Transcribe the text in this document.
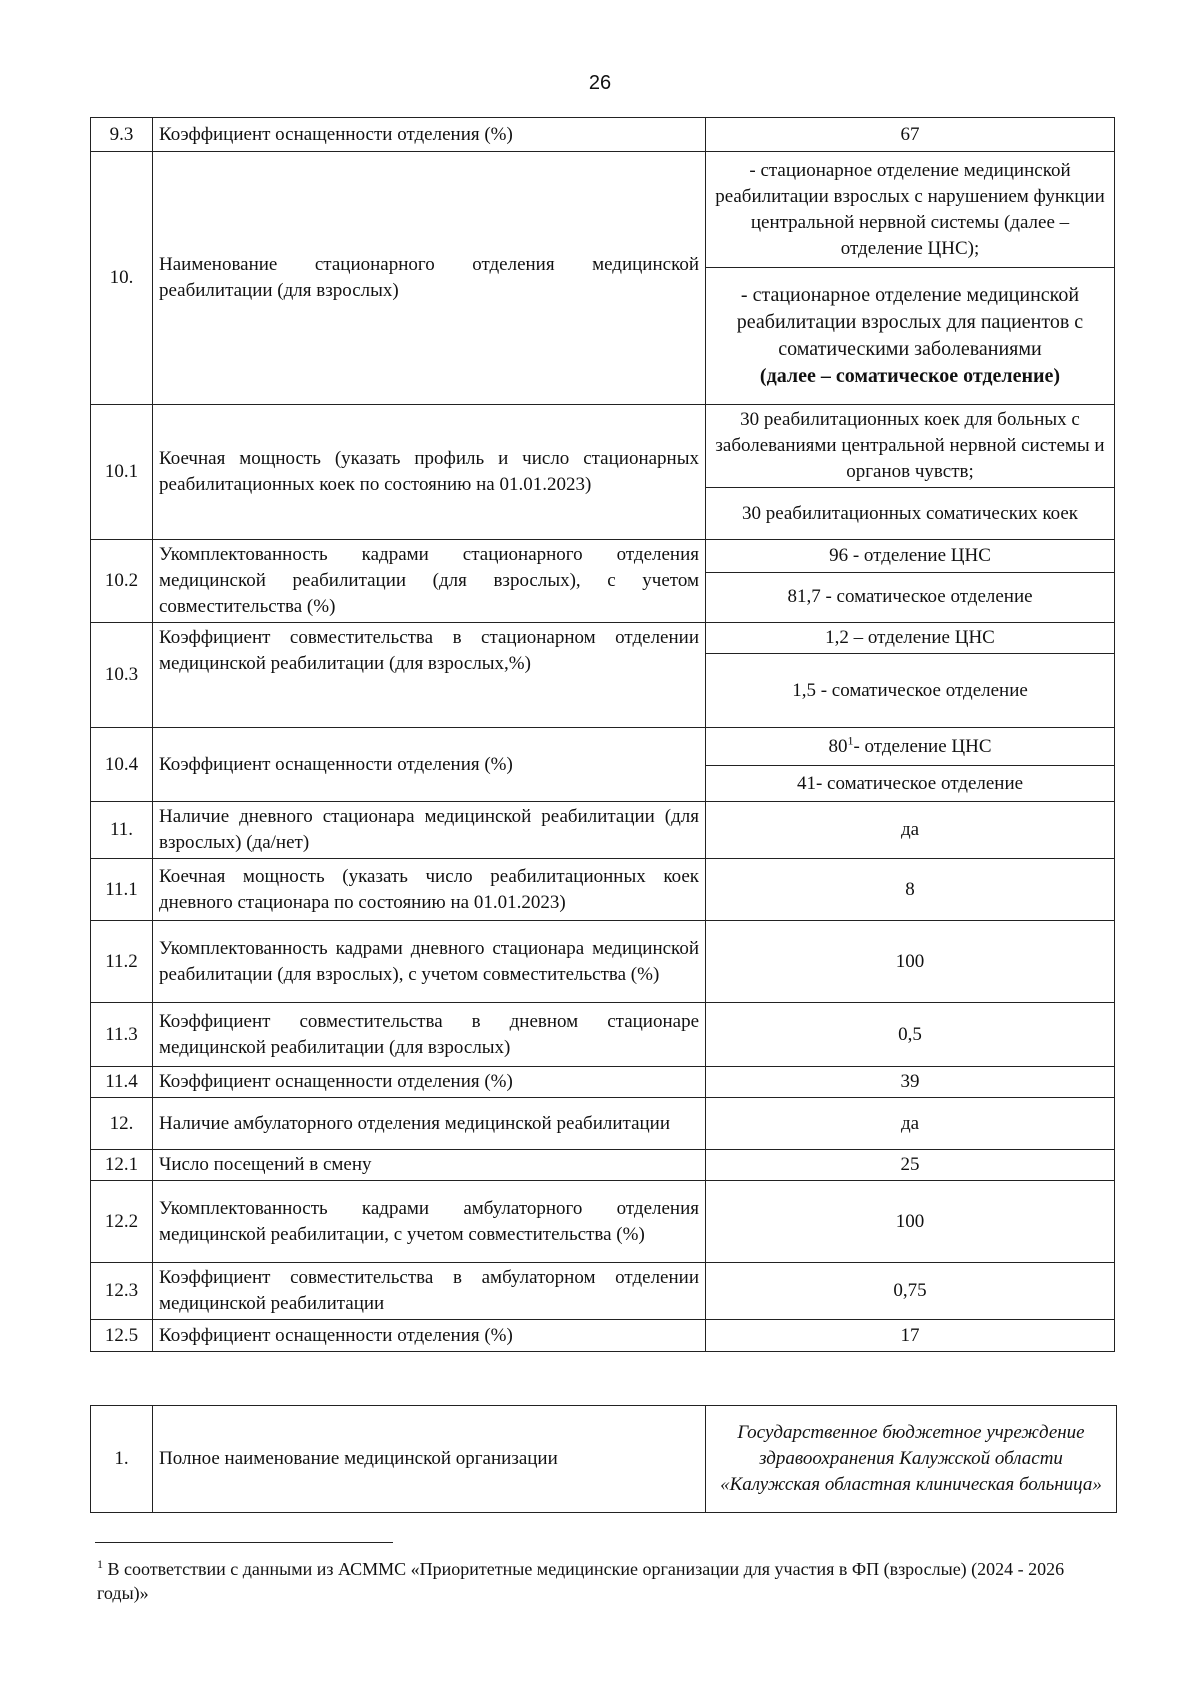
26
9.3	Коэффициент оснащенности отделения (%)	67
10.	Наименование стационарного отделения медицинской реабилитации (для взрослых)	- стационарное отделение медицинской реабилитации взрослых с нарушением функции центральной нервной системы (далее – отделение ЦНС);
		- стационарное отделение медицинской реабилитации взрослых для пациентов с соматическими заболеваниями
(далее – соматическое отделение)
10.1	Коечная мощность (указать профиль и число стационарных реабилитационных коек по состоянию на 01.01.2023)	30 реабилитационных коек для больных с заболеваниями центральной нервной системы и органов чувств;
		30 реабилитационных соматических коек
10.2	Укомплектованность кадрами стационарного отделения медицинской реабилитации (для взрослых), с учетом совместительства (%)	96 - отделение ЦНС
		81,7 - соматическое отделение
10.3	Коэффициент совместительства в стационарном отделении медицинской реабилитации (для взрослых,%)	1,2 – отделение ЦНС
		1,5 - соматическое отделение
10.4	Коэффициент оснащенности отделения (%)	$80^1-$ отделение ЦНС
		41- соматическое отделение
11.	Наличие дневного стационара медицинской реабилитации (для взрослых) (да/нет)	да
11.1	Коечная мощность (указать число реабилитационных коек дневного стационара по состоянию на 01.01.2023)	8
11.2	Укомплектованность кадрами дневного стационара медицинской реабилитации (для взрослых), с учетом совместительства (%)	100
11.3	Коэффициент совместительства в дневном стационаре медицинской реабилитации (для взрослых)	0,5
11.4	Коэффициент оснащенности отделения (%)	39
12.	Наличие амбулаторного отделения медицинской реабилитации	да
12.1	Число посещений в смену	25
12.2	Укомплектованность кадрами амбулаторного отделения медицинской реабилитации, с учетом совместительства (%)	100
12.3	Коэффициент совместительства в амбулаторном отделении медицинской реабилитации	0,75
12.5	Коэффициент оснащенности отделения (%)	17
1.	Полное наименование медицинской организации	Государственное бюджетное учреждение здравоохранения Калужской области «Калужская областная клиническая больница»
$^1$ В соответствии с данными из АСММС «Приоритетные медицинские организации для участия в ФП (взрослые) (2024 - 2026 годы)»
